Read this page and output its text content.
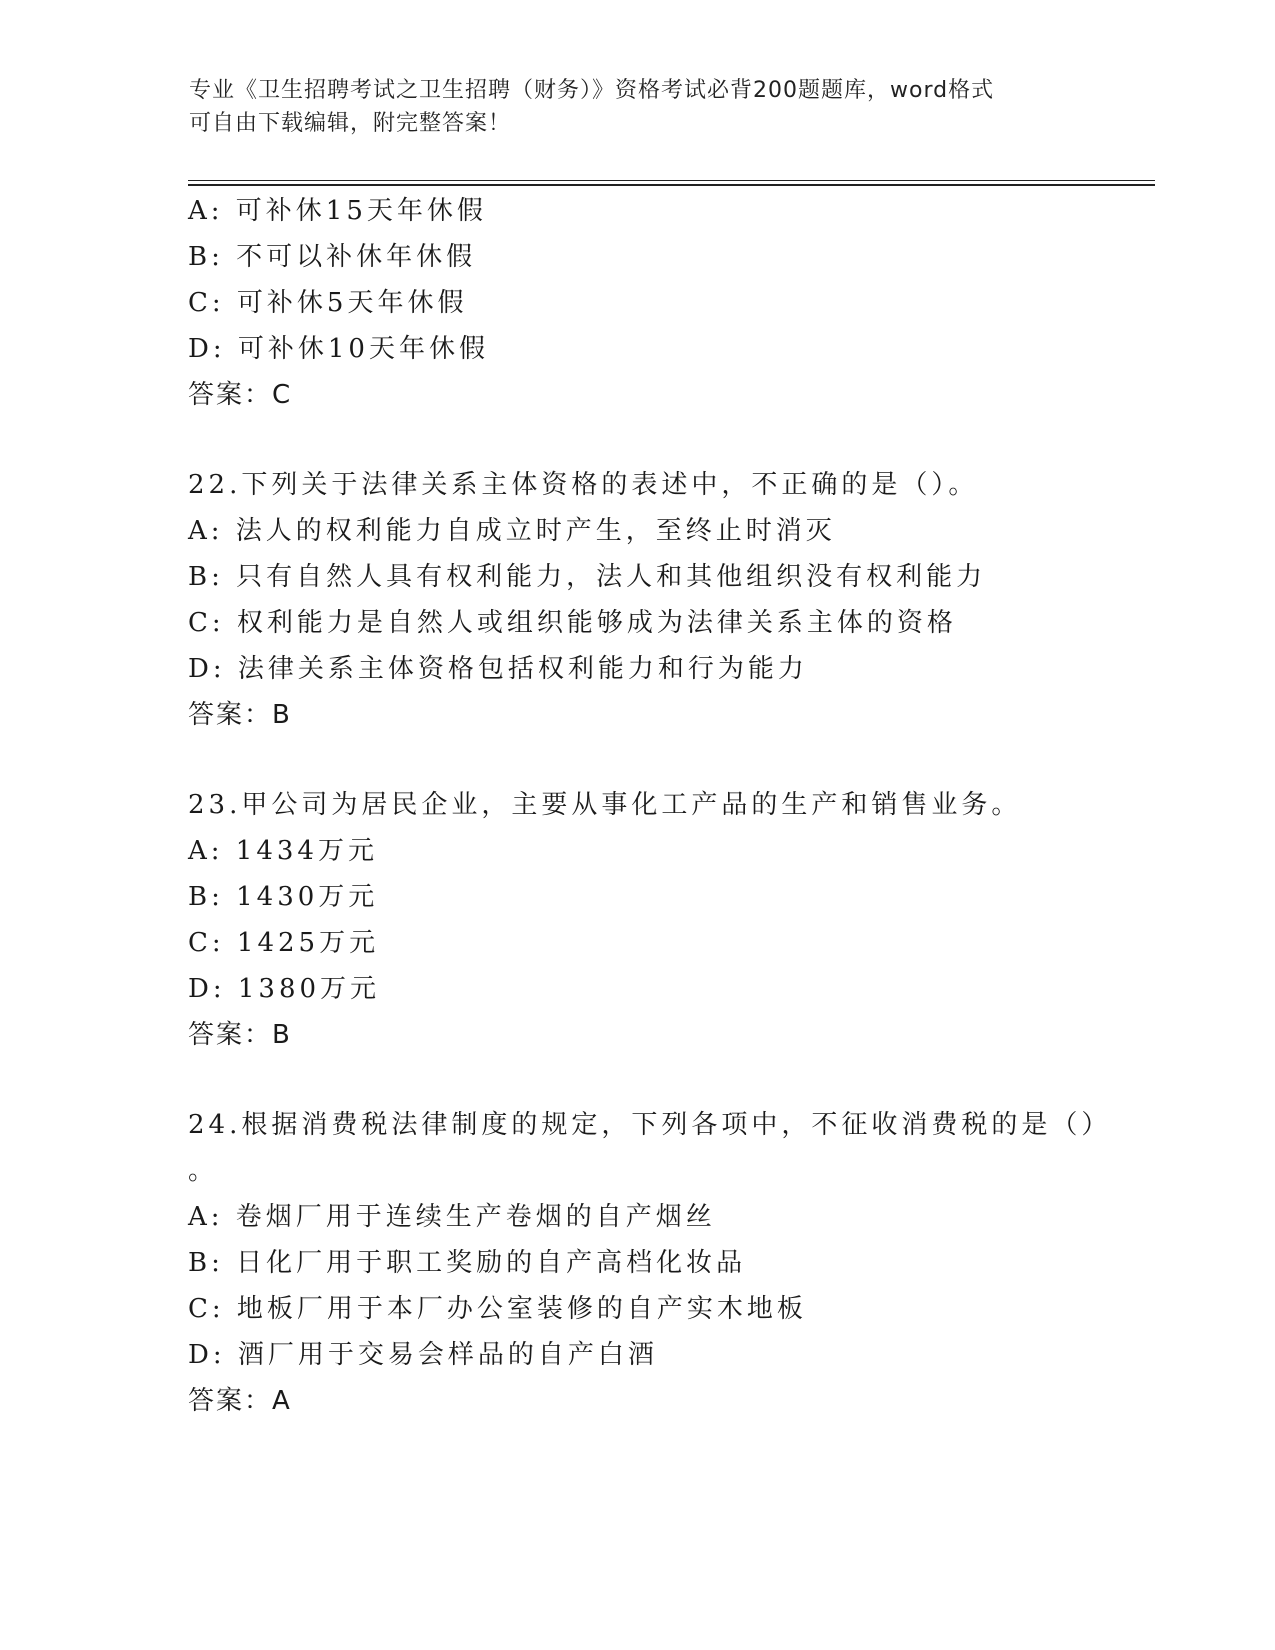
专业《卫生招聘考试之卫生招聘（财务）》资格考试必背200题题库，word格式
可自由下载编辑，附完整答案！
A: 可补休15天年休假
B: 不可以补休年休假
C: 可补休5天年休假
D: 可补休10天年休假
答案：C
22.下列关于法律关系主体资格的表述中，不正确的是（）。
A: 法人的权利能力自成立时产生，至终止时消灭
B: 只有自然人具有权利能力，法人和其他组织没有权利能力
C: 权利能力是自然人或组织能够成为法律关系主体的资格
D: 法律关系主体资格包括权利能力和行为能力
答案：B
23.甲公司为居民企业，主要从事化工产品的生产和销售业务。
A: 1434万元
B: 1430万元
C: 1425万元
D: 1380万元
答案：B
24.根据消费税法律制度的规定，下列各项中，不征收消费税的是（）
。
A: 卷烟厂用于连续生产卷烟的自产烟丝
B: 日化厂用于职工奖励的自产高档化妆品
C: 地板厂用于本厂办公室装修的自产实木地板
D: 酒厂用于交易会样品的自产白酒
答案：A
